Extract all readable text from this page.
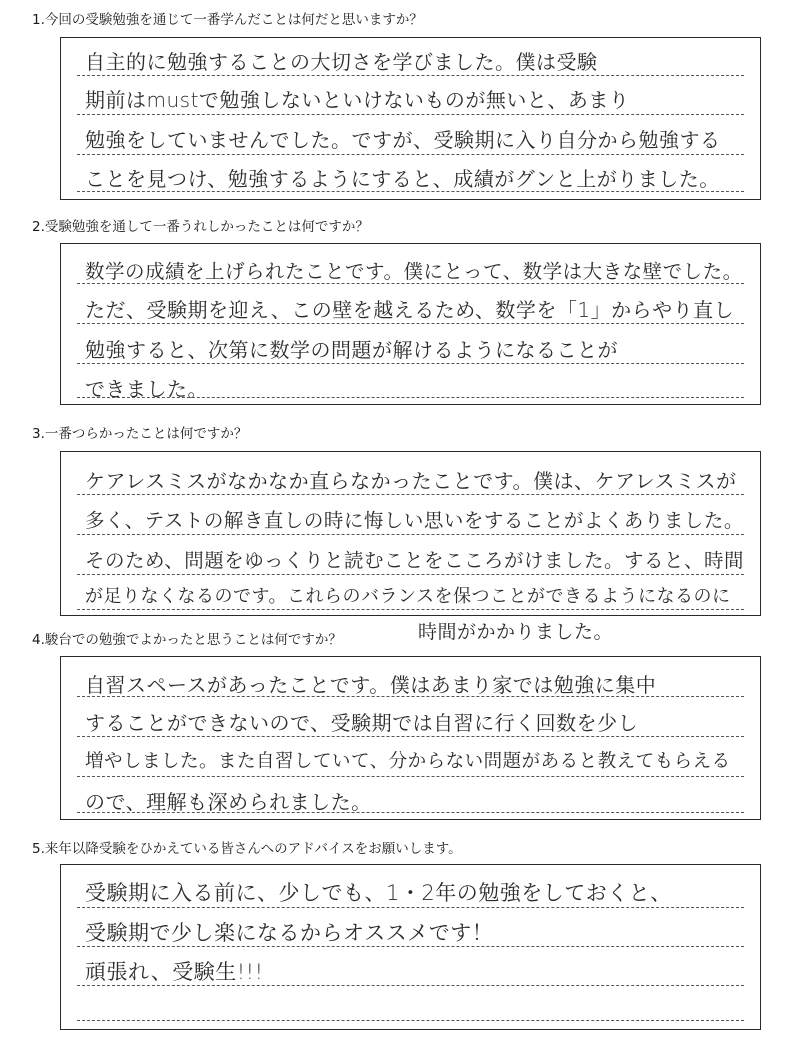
1.今回の受験勉強を通じて一番学んだことは何だと思いますか？
自主的に勉強することの大切さを学びました。僕は受験
期前はmustで勉強しないといけないものが無いと、あまり
勉強をしていませんでした。ですが、受験期に入り自分から勉強する
ことを見つけ、勉強するようにすると、成績がグンと上がりました。
2.受験勉強を通して一番うれしかったことは何ですか？
数学の成績を上げられたことです。僕にとって、数学は大きな壁でした。
ただ、受験期を迎え、この壁を越えるため、数学を「1」からやり直し
勉強すると、次第に数学の問題が解けるようになることが
できました。
3.一番つらかったことは何ですか？
ケアレスミスがなかなか直らなかったことです。僕は、ケアレスミスが
多く、テストの解き直しの時に悔しい思いをすることがよくありました。
そのため、問題をゆっくりと読むことをこころがけました。すると、時間
が足りなくなるのです。これらのバランスを保つことができるようになるのに
時間がかかりました。
4.駿台での勉強でよかったと思うことは何ですか？
自習スペースがあったことです。僕はあまり家では勉強に集中
することができないので、受験期では自習に行く回数を少し
増やしました。また自習していて、分からない問題があると教えてもらえる
ので、理解も深められました。
5.来年以降受験をひかえている皆さんへのアドバイスをお願いします。
受験期に入る前に、少しでも、1・2年の勉強をしておくと、
受験期で少し楽になるからオススメです！
頑張れ、受験生!!!
